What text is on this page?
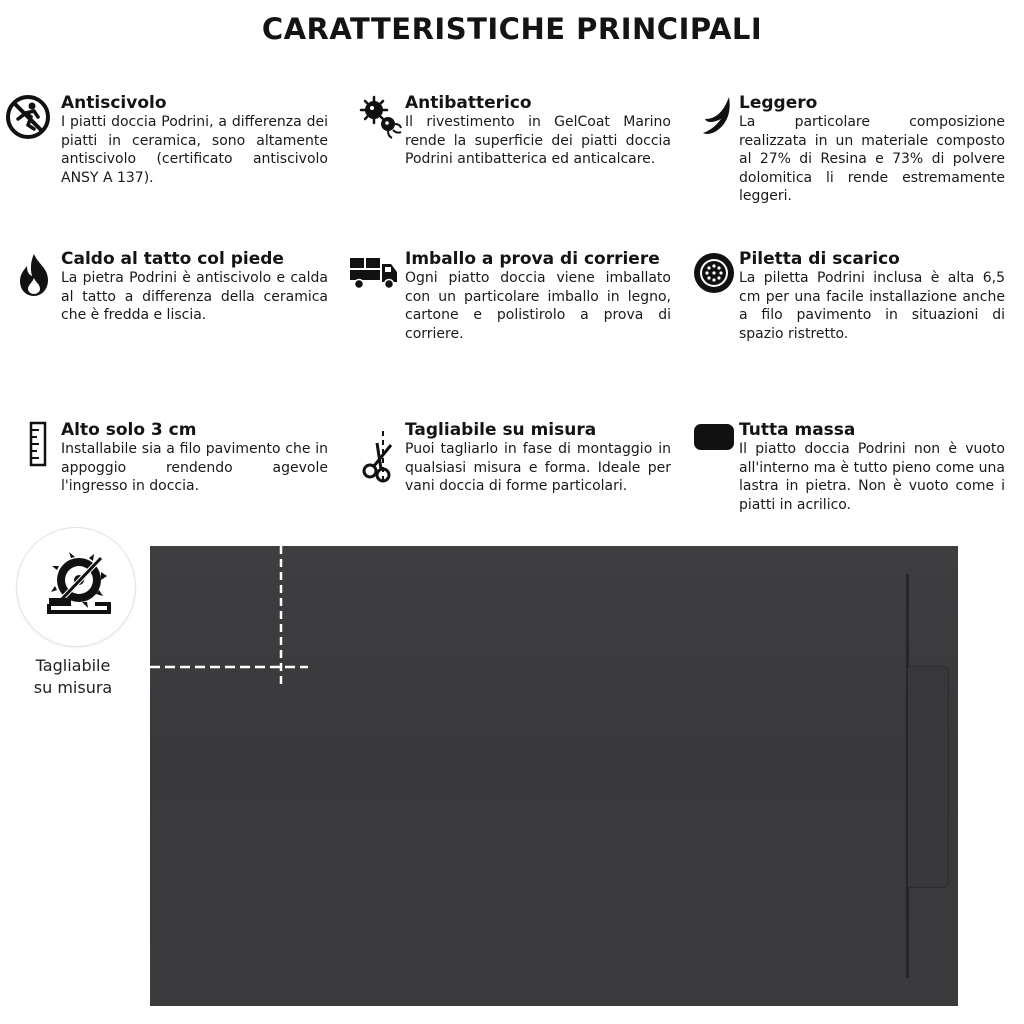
CARATTERISTICHE PRINCIPALI
Antiscivolo

I piatti doccia Podrini, a differenza dei piatti in ceramica, sono altamente antiscivolo (certificato antiscivolo ANSY A 137).

Antibatterico

Il rivestimento in GelCoat Marino rende la superficie dei piatti doccia Podrini antibatterica ed anticalcare.

Leggero

La particolare composizione realizzata in un materiale composto al 27% di Resina e 73% di polvere dolomitica li rende estremamente leggeri.

Caldo al tatto col piede

La pietra Podrini è antiscivolo e calda al tatto a differenza della ceramica che è fredda e liscia.

Imballo a prova di corriere

Ogni piatto doccia viene imballato con un particolare imballo in legno, cartone e polistirolo a prova di corriere.

Piletta di scarico

La piletta Podrini inclusa è alta 6,5 cm per una facile installazione anche a filo pavimento in situazioni di spazio ristretto.

Alto solo 3 cm

Installabile sia a filo pavimento che in appoggio rendendo agevole l'ingresso in doccia.

Tagliabile su misura

Puoi tagliarlo in fase di montaggio in qualsiasi misura e forma. Ideale per vani doccia di forme particolari.

Tutta massa

Il piatto doccia Podrini non è vuoto all'interno ma è tutto pieno come una lastra in pietra. Non è vuoto come i piatti in acrilico.

Tagliabile
su misura
